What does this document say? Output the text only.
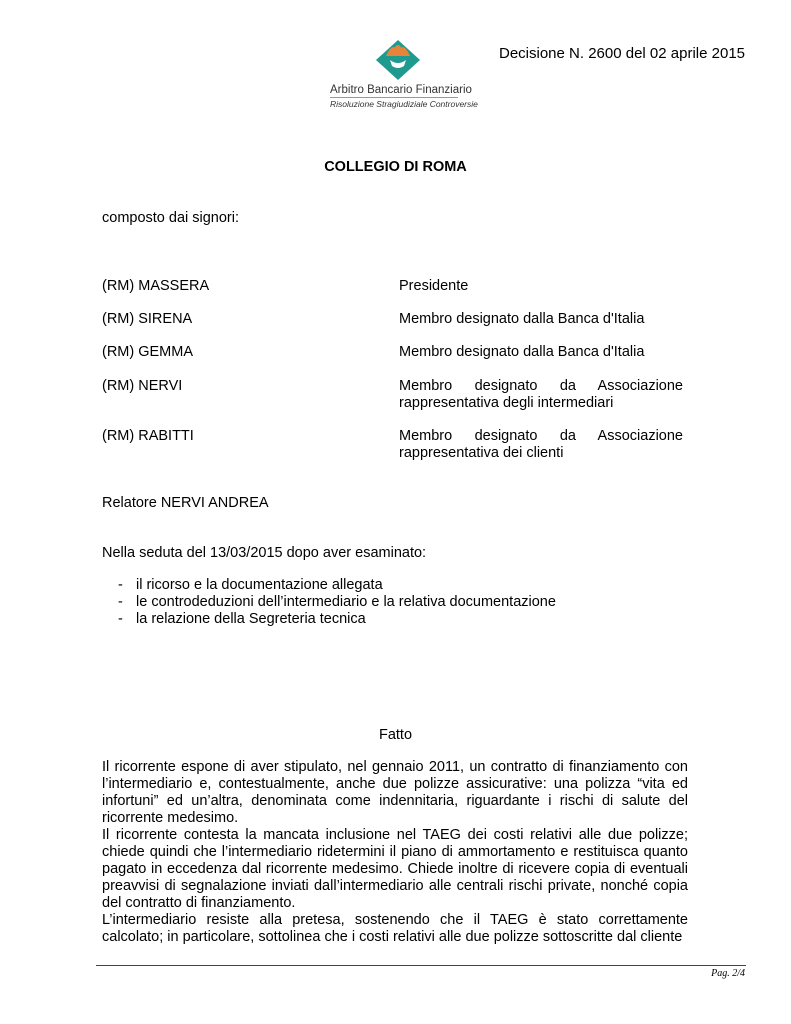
Arbitro Bancario Finanziario
Risoluzione Stragiudiziale Controversie
Decisione N. 2600 del 02 aprile 2015
COLLEGIO DI ROMA
composto dai signori:
(RM) MASSERA	Presidente
(RM) SIRENA	Membro designato dalla Banca d'Italia
(RM) GEMMA	Membro designato dalla Banca d'Italia
(RM) NERVI	Membro designato da Associazione
rappresentativa degli intermediari
(RM) RABITTI	Membro designato da Associazione
rappresentativa dei clienti
Relatore NERVI ANDREA
Nella seduta del 13/03/2015 dopo aver esaminato:
- il ricorso e la documentazione allegata
- le controdeduzioni dell’intermediario e la relativa documentazione
- la relazione della Segreteria tecnica
Fatto

Il ricorrente espone di aver stipulato, nel gennaio 2011, un contratto di finanziamento con l’intermediario e, contestualmente, anche due polizze assicurative: una polizza “vita ed infortuni” ed un’altra, denominata come indennitaria, riguardante i rischi di salute del ricorrente medesimo.

Il ricorrente contesta la mancata inclusione nel TAEG dei costi relativi alle due polizze; chiede quindi che l’intermediario ridetermini il piano di ammortamento e restituisca quanto pagato in eccedenza dal ricorrente medesimo. Chiede inoltre di ricevere copia di eventuali preavvisi di segnalazione inviati dall’intermediario alle centrali rischi private, nonché copia del contratto di finanziamento.

L’intermediario resiste alla pretesa, sostenendo che il TAEG è stato correttamente calcolato; in particolare, sottolinea che i costi relativi alle due polizze sottoscritte dal cliente

Pag. 2/4
